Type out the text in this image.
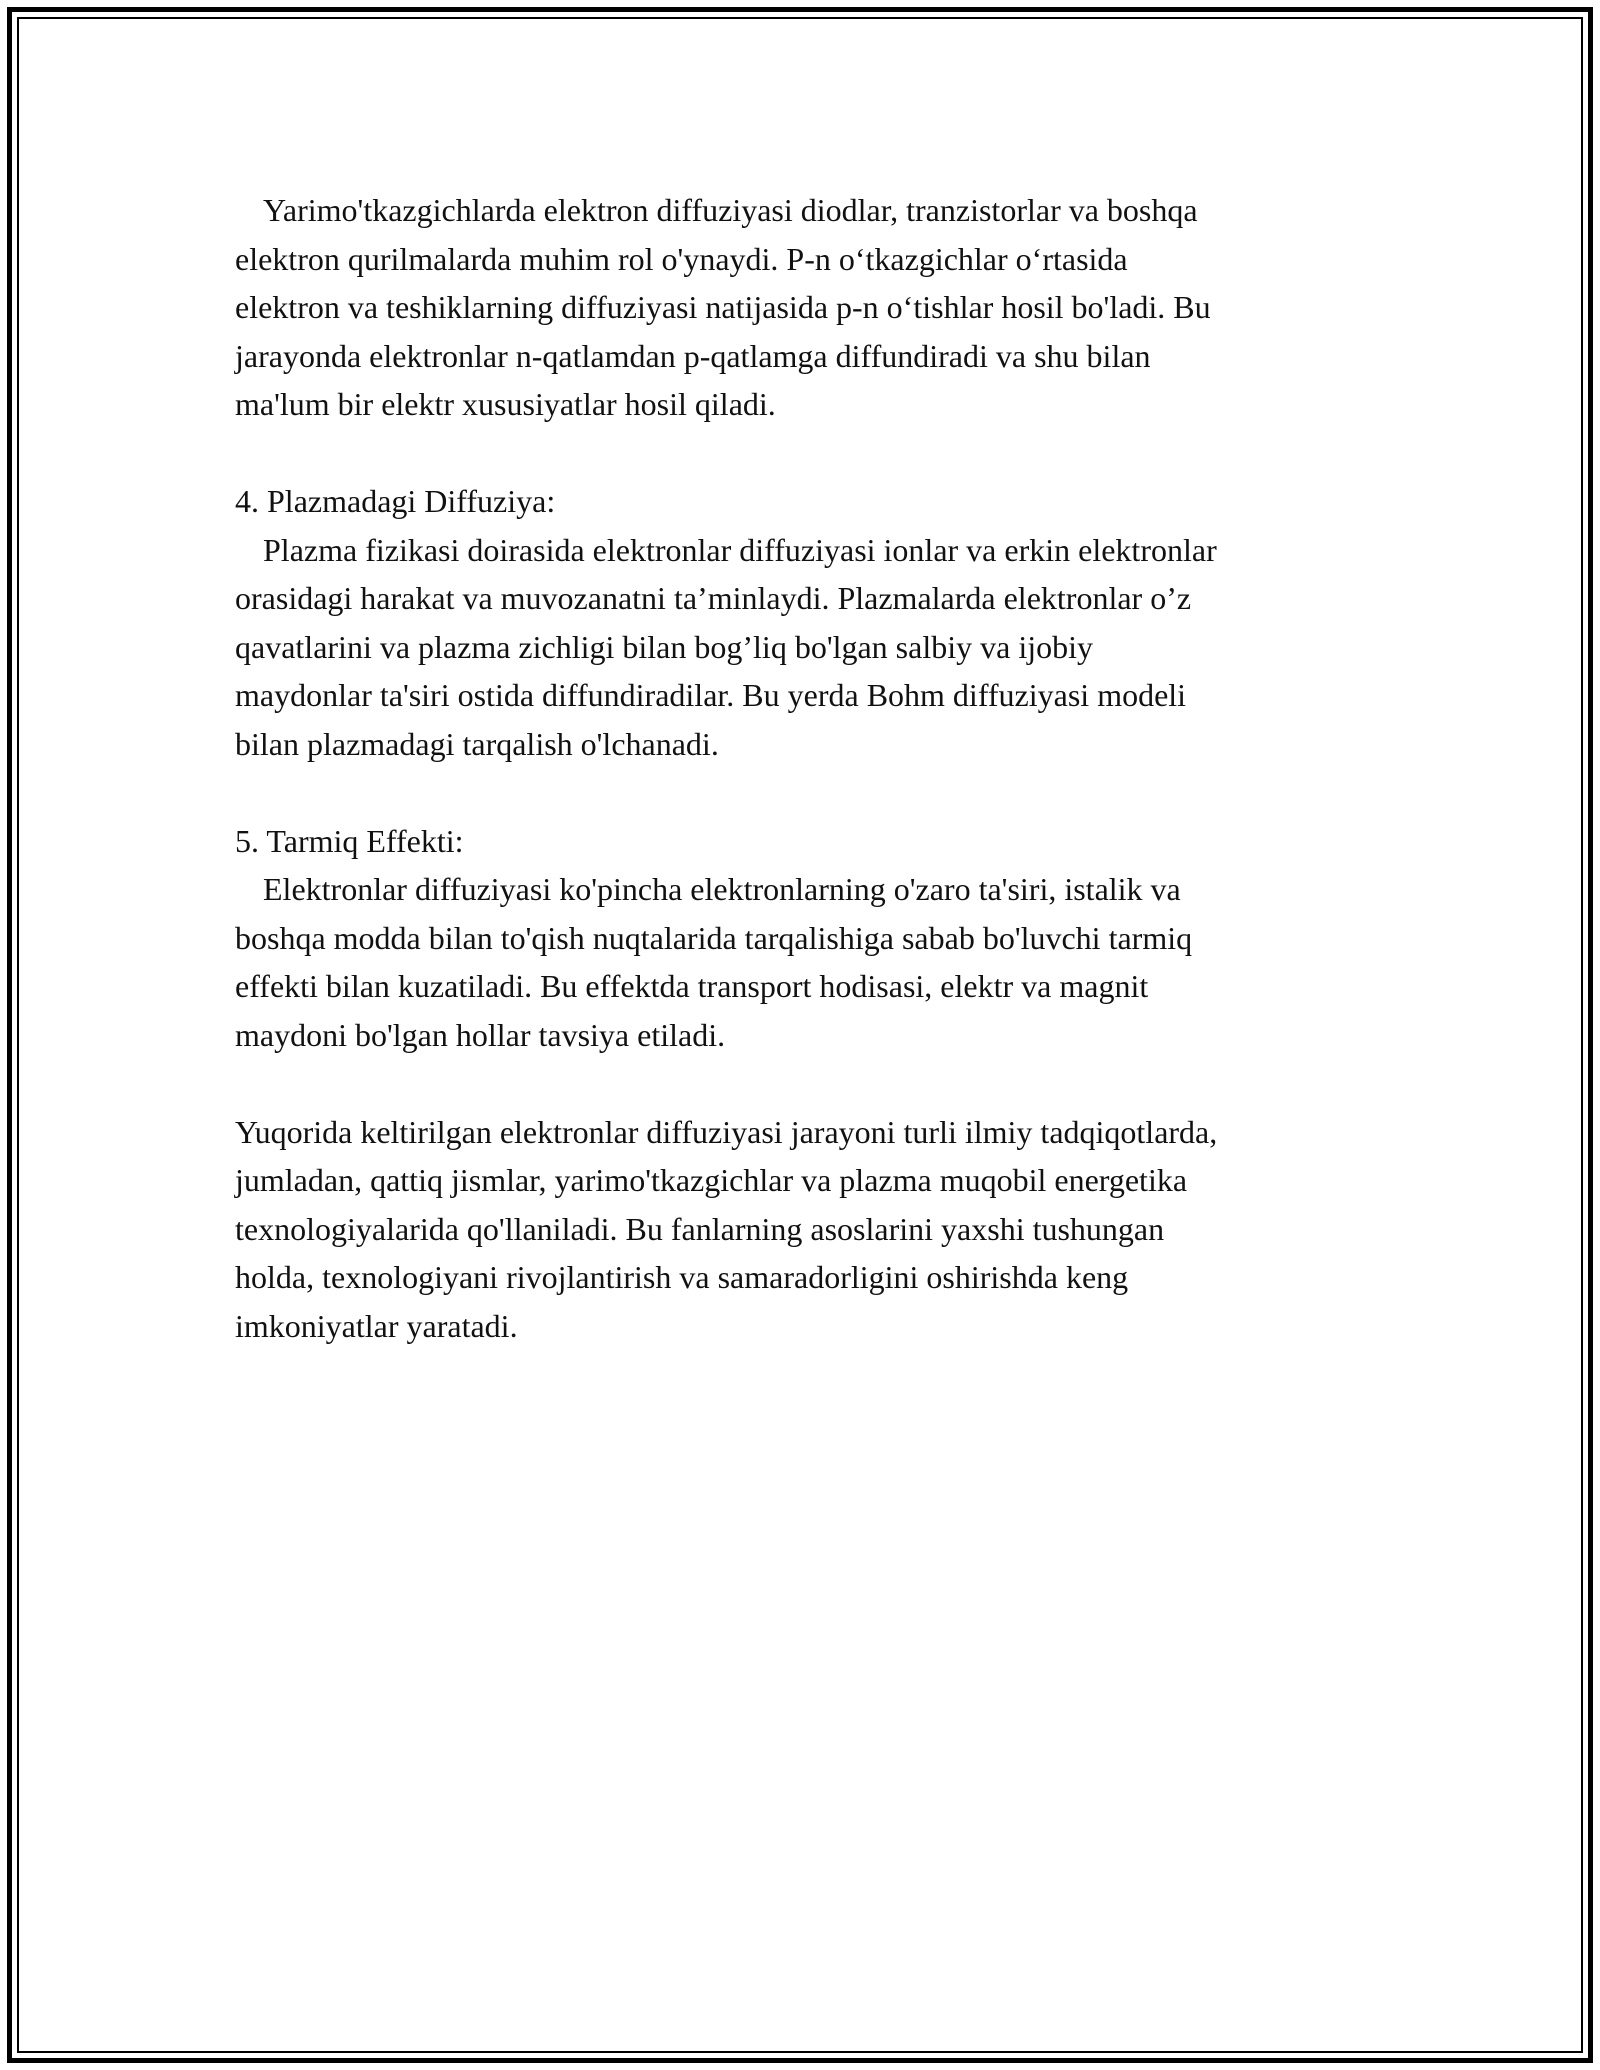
Yarimo'tkazgichlarda elektron diffuziyasi diodlar, tranzistorlar va boshqa
elektron qurilmalarda muhim rol o'ynaydi. P-n o‘tkazgichlar o‘rtasida
elektron va teshiklarning diffuziyasi natijasida p-n o‘tishlar hosil bo'ladi. Bu
jarayonda elektronlar n-qatlamdan p-qatlamga diffundiradi va shu bilan
ma'lum bir elektr xususiyatlar hosil qiladi.
4. Plazmadagi Diffuziya:
Plazma fizikasi doirasida elektronlar diffuziyasi ionlar va erkin elektronlar
orasidagi harakat va muvozanatni ta’minlaydi. Plazmalarda elektronlar o’z
qavatlarini va plazma zichligi bilan bog’liq bo'lgan salbiy va ijobiy
maydonlar ta'siri ostida diffundiradilar. Bu yerda Bohm diffuziyasi modeli
bilan plazmadagi tarqalish o'lchanadi.
5. Tarmiq Effekti:
Elektronlar diffuziyasi ko'pincha elektronlarning o'zaro ta'siri, istalik va
boshqa modda bilan to'qish nuqtalarida tarqalishiga sabab bo'luvchi tarmiq
effekti bilan kuzatiladi. Bu effektda transport hodisasi, elektr va magnit
maydoni bo'lgan hollar tavsiya etiladi.
Yuqorida keltirilgan elektronlar diffuziyasi jarayoni turli ilmiy tadqiqotlarda,
jumladan, qattiq jismlar, yarimo'tkazgichlar va plazma muqobil energetika
texnologiyalarida qo'llaniladi. Bu fanlarning asoslarini yaxshi tushungan
holda, texnologiyani rivojlantirish va samaradorligini oshirishda keng
imkoniyatlar yaratadi.
